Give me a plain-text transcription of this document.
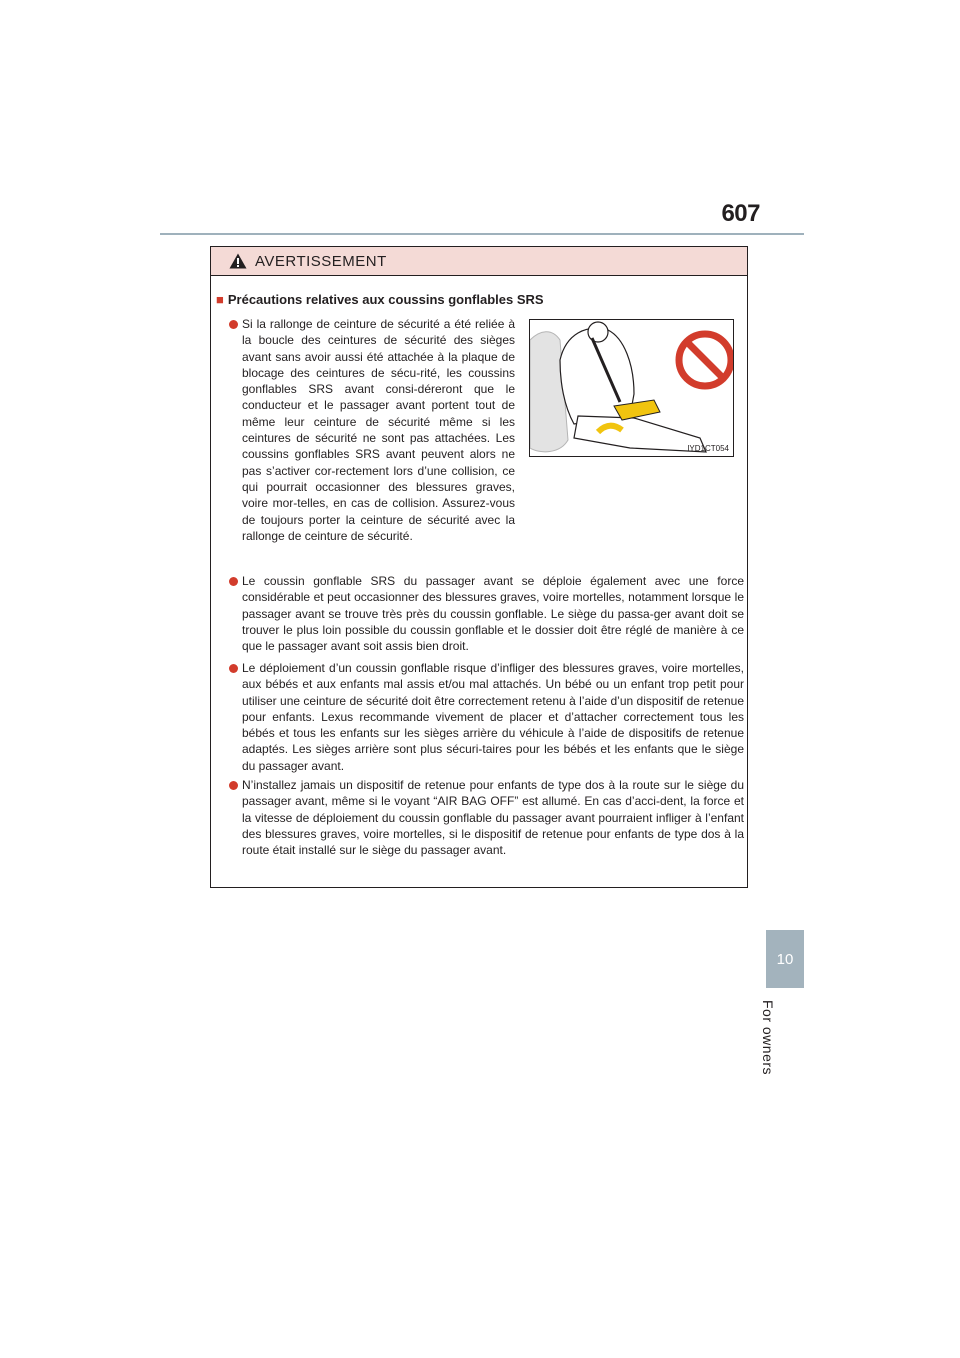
607
10
For owners
AVERTISSEMENT
■ Précautions relatives aux coussins gonflables SRS
Si la rallonge de ceinture de sécurité a été reliée à la boucle des ceintures de sécurité des sièges avant sans avoir aussi été attachée à la plaque de blocage des ceintures de sécu-rité, les coussins gonflables SRS avant consi-déreront que le conducteur et le passager avant portent tout de même leur ceinture de sécurité même si les ceintures de sécurité ne sont pas attachées. Les coussins gonflables SRS avant peuvent alors ne pas s’activer cor-rectement lors d’une collision, ce qui pourrait occasionner des blessures graves, voire mor-telles, en cas de collision. Assurez-vous de toujours porter la ceinture de sécurité avec la rallonge de ceinture de sécurité.
IYD1CT054
Le coussin gonflable SRS du passager avant se déploie également avec une force considérable et peut occasionner des blessures graves, voire mortelles, notamment lorsque le passager avant se trouve très près du coussin gonflable. Le siège du passa-ger avant doit se trouver le plus loin possible du coussin gonflable et le dossier doit être réglé de manière à ce que le passager avant soit assis bien droit.
Le déploiement d’un coussin gonflable risque d’infliger des blessures graves, voire mortelles, aux bébés et aux enfants mal assis et/ou mal attachés. Un bébé ou un enfant trop petit pour utiliser une ceinture de sécurité doit être correctement retenu à l’aide d’un dispositif de retenue pour enfants. Lexus recommande vivement de placer et d’attacher correctement tous les bébés et tous les enfants sur les sièges arrière du véhicule à l’aide de dispositifs de retenue adaptés. Les sièges arrière sont plus sécuri-taires pour les bébés et les enfants que le siège du passager avant.
N’installez jamais un dispositif de retenue pour enfants de type dos à la route sur le siège du passager avant, même si le voyant “AIR BAG OFF” est allumé. En cas d’acci-dent, la force et la vitesse de déploiement du coussin gonflable du passager avant pourraient infliger à l’enfant des blessures graves, voire mortelles, si le dispositif de retenue pour enfants de type dos à la route était installé sur le siège du passager avant.
